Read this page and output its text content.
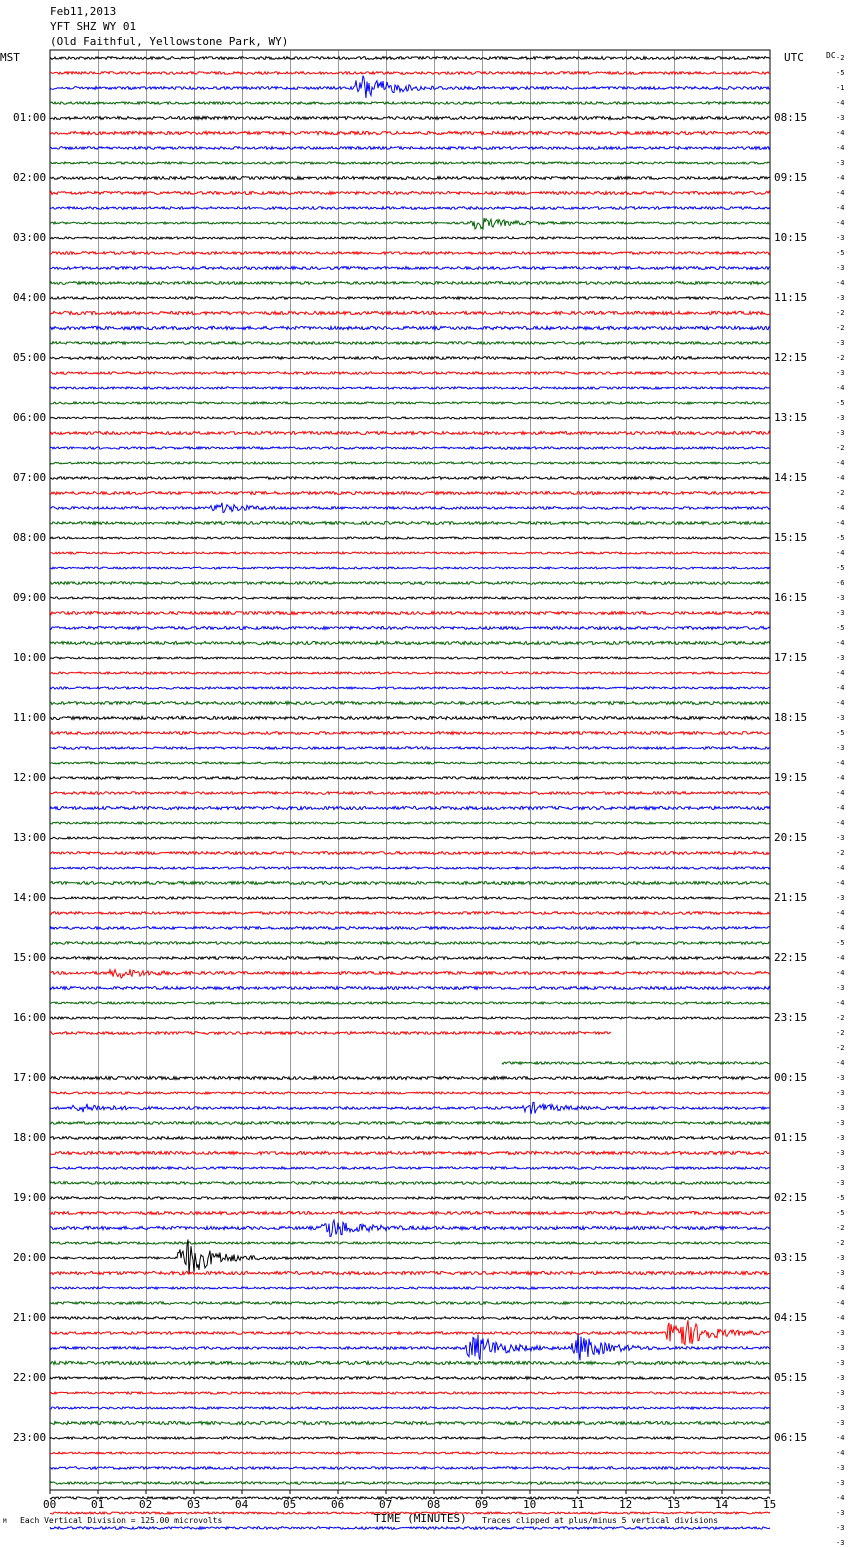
Feb11,2013
YFT SHZ WY 01
(Old Faithful, Yellowstone Park, WY)
MST	UTC	DC
01:00
02:00
03:00
04:00
05:00
06:00
07:00
08:00
09:00
10:00
11:00
12:00
13:00
14:00
15:00
16:00
17:00
18:00
19:00
20:00
21:00
22:00
23:00
08:15
09:15
10:15
11:15
12:15
13:15
14:15
15:15
16:15
17:15
18:15
19:15
20:15
21:15
22:15
23:15
00:15
01:15
02:15
03:15
04:15
05:15
06:15
-2
-5
-1
-4
-3
-4
-4
-3
-4
-4
-4
-4
-3
-5
-3
-4
-3
-2
-2
-3
-2
-3
-4
-5
-3
-3
-2
-4
-4
-2
-4
-4
-5
-4
-5
-6
-3
-3
-5
-4
-3
-4
-4
-4
-3
-5
-3
-4
-4
-4
-4
-4
-3
-2
-4
-4
-3
-4
-4
-5
-4
-4
-3
-4
-2
-2
-2
-4
-3
-3
-3
-3
-3
-3
-3
-3
-5
-5
-2
-2
-3
-3
-4
-4
-4
-3
-3
-3
-3
-3
-3
-3
-4
-4
-3
-3
-4
-3
-3
-3
00	01	02	03	04	05	06	07	08	09	10	11	12	13	14	15
M Each Vertical Division = 125.00 microvolts	TIME (MINUTES) Traces clipped at plus/minus 5 vertical divisions
